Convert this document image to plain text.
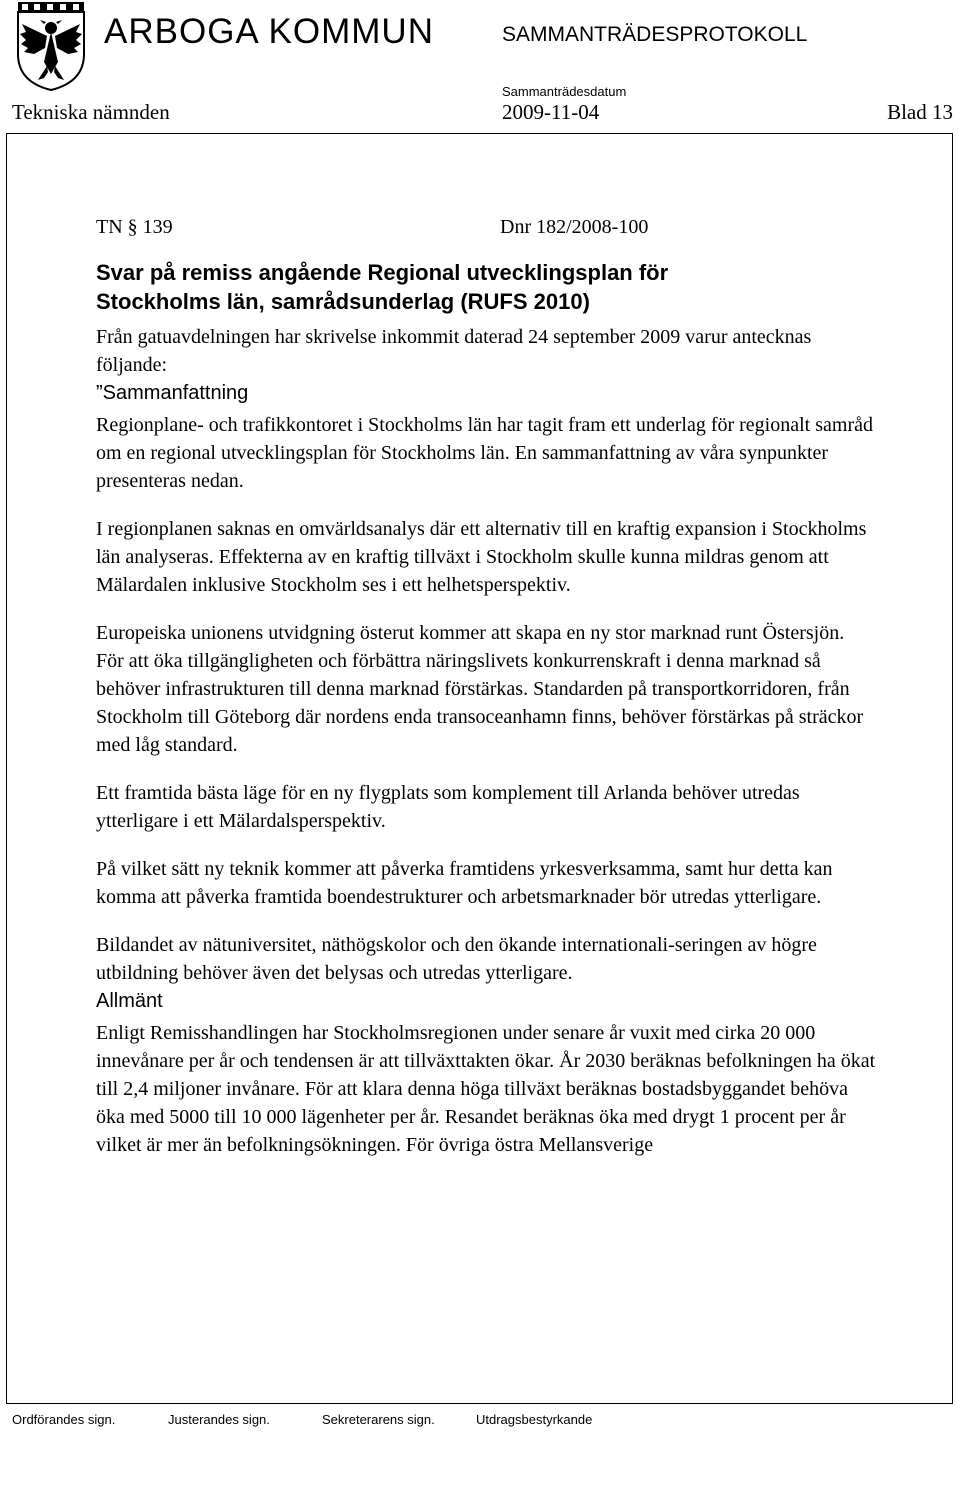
ARBOGA KOMMUN	SAMMANTRÄDESPROTOKOLL
Sammanträdesdatum
Tekniska nämnden	2009-11-04	Blad 13
TN § 139	Dnr 182/2008-100
Svar på remiss angående Regional utvecklingsplan för
Stockholms län, samrådsunderlag (RUFS 2010)

Från gatuavdelningen har skrivelse inkommit daterad 24 september 2009 varur antecknas följande:

”Sammanfattning

Regionplane- och trafikkontoret i Stockholms län har tagit fram ett underlag för regionalt samråd om en regional utvecklingsplan för Stockholms län. En sammanfattning av våra synpunkter presenteras nedan.

I regionplanen saknas en omvärldsanalys där ett alternativ till en kraftig expansion i Stockholms län analyseras. Effekterna av en kraftig tillväxt i Stockholm skulle kunna mildras genom att Mälardalen inklusive Stockholm ses i ett helhetsperspektiv.

Europeiska unionens utvidgning österut kommer att skapa en ny stor marknad runt Östersjön. För att öka tillgängligheten och förbättra näringslivets konkurrenskraft i denna marknad så behöver infrastrukturen till denna marknad förstärkas. Standarden på transportkorridoren, från Stockholm till Göteborg där nordens enda transoceanhamn finns, behöver förstärkas på sträckor med låg standard.

Ett framtida bästa läge för en ny flygplats som komplement till Arlanda behöver utredas ytterligare i ett Mälardalsperspektiv.

På vilket sätt ny teknik kommer att påverka framtidens yrkesverksamma, samt hur detta kan komma att påverka framtida boendestrukturer och arbetsmarknader bör utredas ytterligare.

Bildandet av nätuniversitet, näthögskolor och den ökande internationali-seringen av högre utbildning behöver även det belysas och utredas ytterligare.

Allmänt

Enligt Remisshandlingen har Stockholmsregionen under senare år vuxit med cirka 20 000 innevånare per år och tendensen är att tillväxttakten ökar. År 2030 beräknas befolkningen ha ökat till 2,4 miljoner invånare. För att klara denna höga tillväxt beräknas bostadsbyggandet behöva öka med 5000 till 10 000 lägenheter per år. Resandet beräknas öka med drygt 1 procent per år vilket är mer än befolkningsökningen. För övriga östra Mellansverige

Ordförandes sign.	Justerandes sign.	Sekreterarens sign.	Utdragsbestyrkande
